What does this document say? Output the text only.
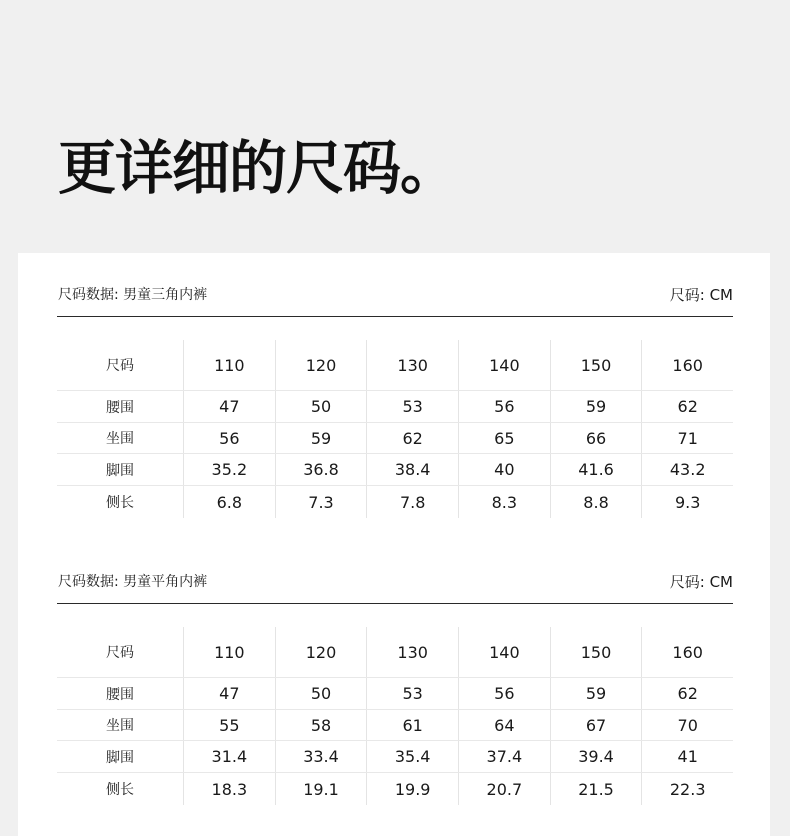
更详细的尺码。
尺码数据: 男童三角内裤	尺码: CM
尺码	110	120	130	140	150	160
腰围	47	50	53	56	59	62
坐围	56	59	62	65	66	71
脚围	35.2	36.8	38.4	40	41.6	43.2
侧长	6.8	7.3	7.8	8.3	8.8	9.3
尺码数据: 男童平角内裤	尺码: CM
尺码	110	120	130	140	150	160
腰围	47	50	53	56	59	62
坐围	55	58	61	64	67	70
脚围	31.4	33.4	35.4	37.4	39.4	41
侧长	18.3	19.1	19.9	20.7	21.5	22.3
